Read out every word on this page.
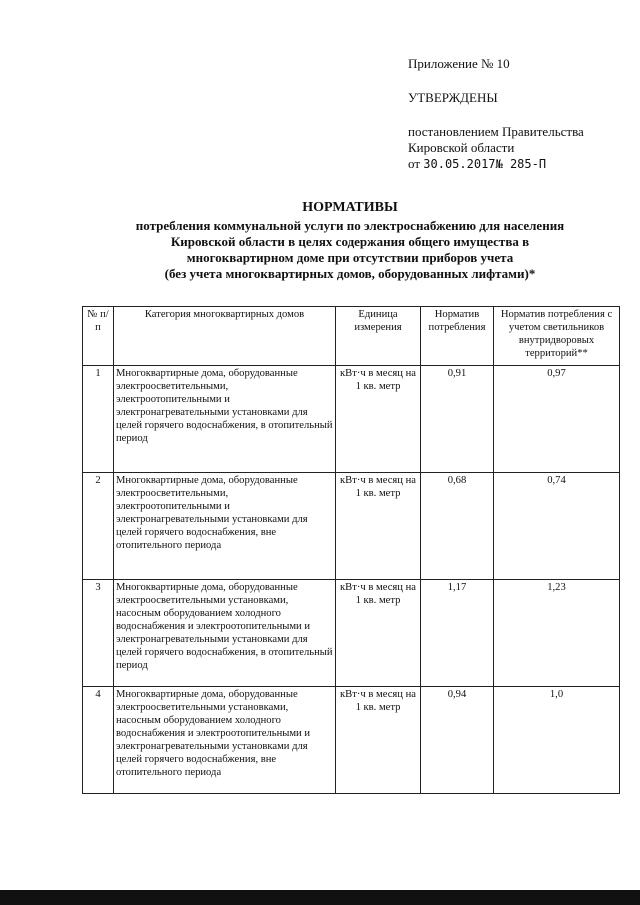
Приложение № 10
УТВЕРЖДЕНЫ
постановлением Правительства
Кировской области
от 30.05.2017№ 285-П
НОРМАТИВЫ
потребления коммунальной услуги по электроснабжению для населения
Кировской области в целях содержания общего имущества в
многоквартирном доме при отсутствии приборов учета
(без учета многоквартирных домов, оборудованных лифтами)*
№ п/п	Категория многоквартирных домов	Единица измерения	Норматив потребления	Норматив потребления с учетом светильников внутридворовых территорий**
1	Многоквартирные дома, оборудованные электроосветительными, электроотопительными и электронагревательными установками для целей горячего водоснабжения, в отопительный период	кВт·ч в месяц на 1 кв. метр	0,91	0,97
2	Многоквартирные дома, оборудованные электроосветительными, электроотопительными и электронагревательными установками для целей горячего водоснабжения, вне отопительного периода	кВт·ч в месяц на 1 кв. метр	0,68	0,74
3	Многоквартирные дома, оборудованные электроосветительными установками, насосным оборудованием холодного водоснабжения и электроотопительными и электронагревательными установками для целей горячего водоснабжения, в отопительный период	кВт·ч в месяц на 1 кв. метр	1,17	1,23
4	Многоквартирные дома, оборудованные электроосветительными установками, насосным оборудованием холодного водоснабжения и электроотопительными и электронагревательными установками для целей горячего водоснабжения, вне отопительного периода	кВт·ч в месяц на 1 кв. метр	0,94	1,0
